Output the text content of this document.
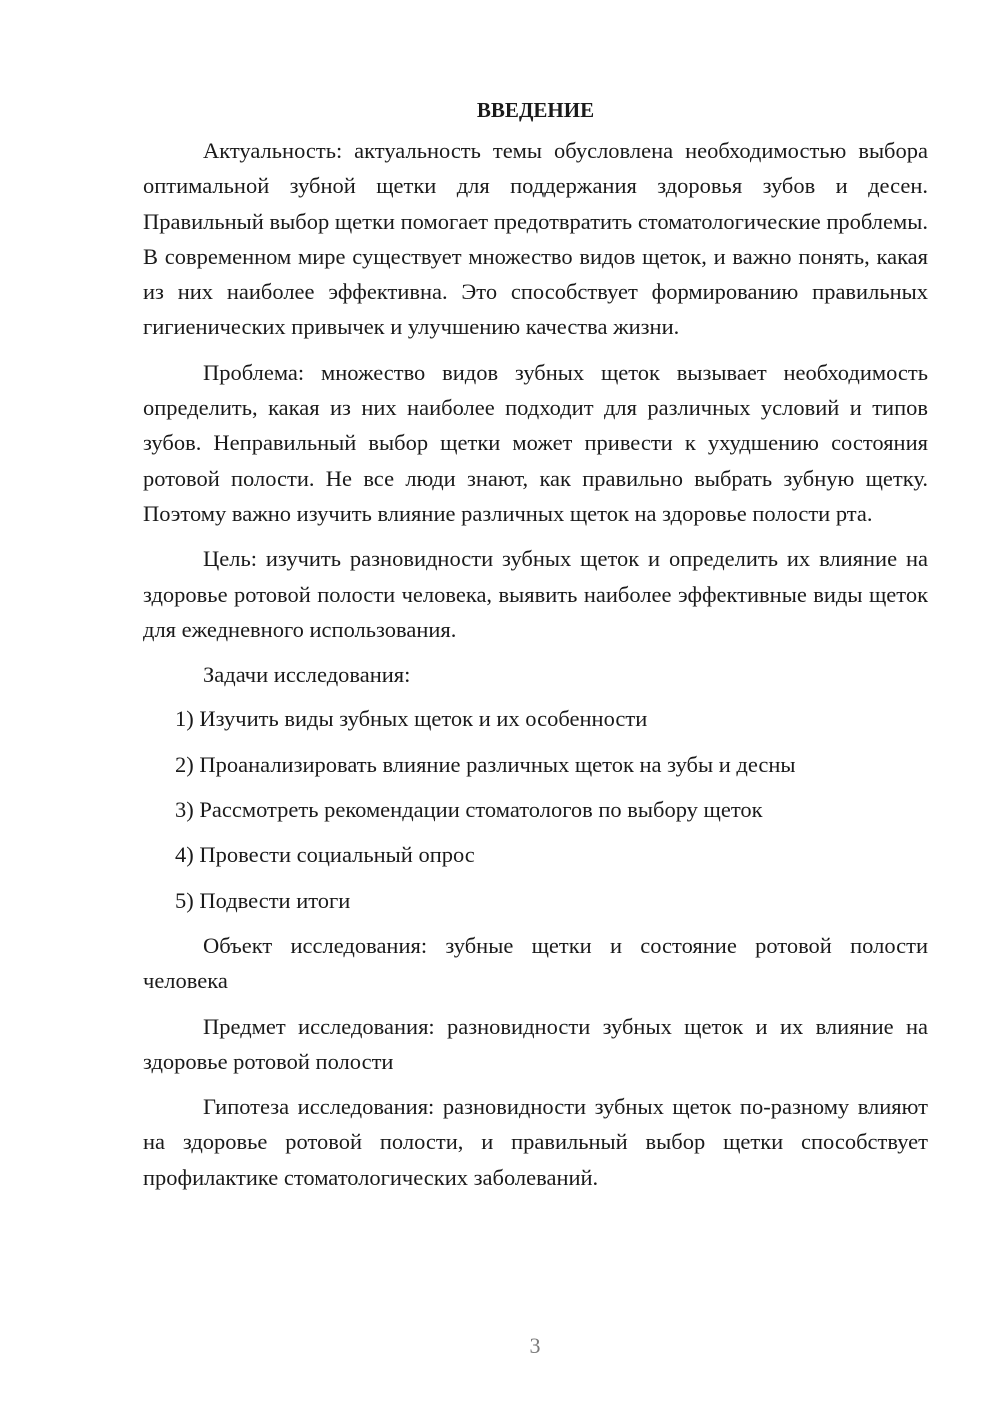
ВВЕДЕНИЕ

Актуальность: актуальность темы обусловлена необходимостью выбора оптимальной зубной щетки для поддержания здоровья зубов и десен. Правильный выбор щетки помогает предотвратить стоматологические проблемы. В современном мире существует множество видов щеток, и важно понять, какая из них наиболее эффективна. Это способствует формированию правильных гигиенических привычек и улучшению качества жизни.

Проблема: множество видов зубных щеток вызывает необходимость определить, какая из них наиболее подходит для различных условий и типов зубов. Неправильный выбор щетки может привести к ухудшению состояния ротовой полости. Не все люди знают, как правильно выбрать зубную щетку. Поэтому важно изучить влияние различных щеток на здоровье полости рта.

Цель: изучить разновидности зубных щеток и определить их влияние на здоровье ротовой полости человека, выявить наиболее эффективные виды щеток для ежедневного использования.

Задачи исследования:

1) Изучить виды зубных щеток и их особенности
2) Проанализировать влияние различных щеток на зубы и десны
3) Рассмотреть рекомендации стоматологов по выбору щеток
4) Провести социальный опрос
5) Подвести итоги

Объект исследования: зубные щетки и состояние ротовой полости человека

Предмет исследования: разновидности зубных щеток и их влияние на здоровье ротовой полости

Гипотеза исследования: разновидности зубных щеток по-разному влияют на здоровье ротовой полости, и правильный выбор щетки способствует профилактике стоматологических заболеваний.

3
